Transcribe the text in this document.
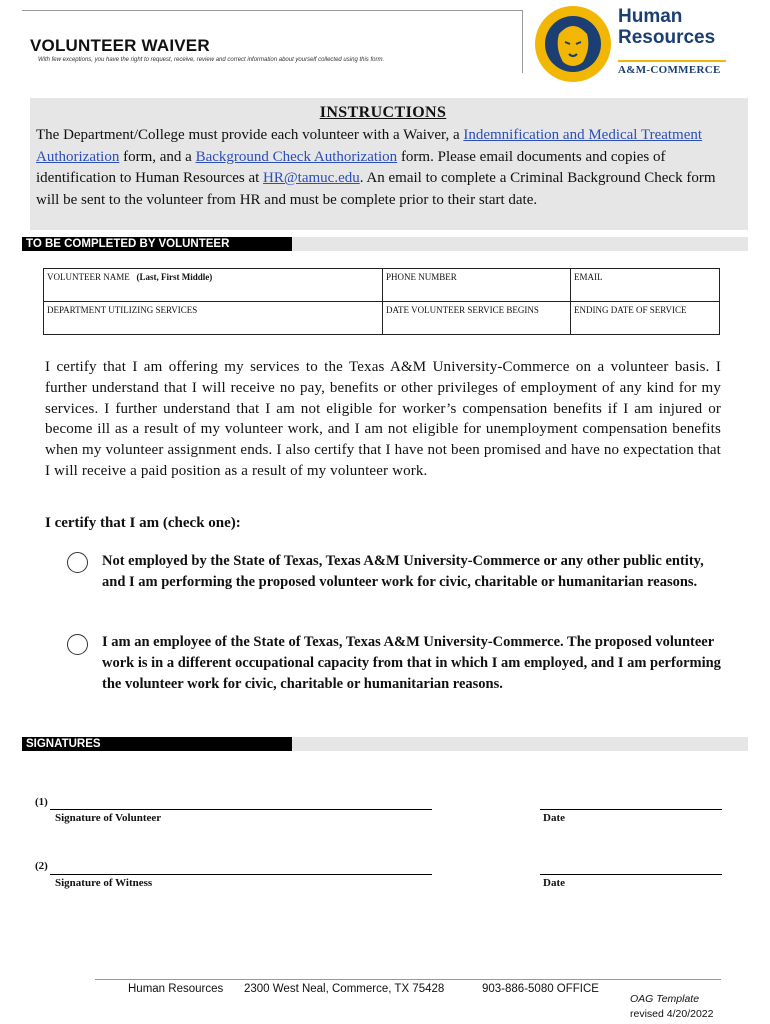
VOLUNTEER WAIVER
With few exceptions, you have the right to request, receive, review and correct information about yourself collected using this form.
Human
Resources
A&M-COMMERCE
INSTRUCTIONS
The Department/College must provide each volunteer with a Waiver, a Indemnification and Medical Treatment Authorization form, and a Background Check Authorization form. Please email documents and copies of identification to Human Resources at HR@tamuc.edu. An email to complete a Criminal Background Check form will be sent to the volunteer from HR and must be complete prior to their start date.
TO BE COMPLETED BY VOLUNTEER
VOLUNTEER NAME (Last, First Middle)	PHONE NUMBER	EMAIL
DEPARTMENT UTILIZING SERVICES	DATE VOLUNTEER SERVICE BEGINS	ENDING DATE OF SERVICE
I certify that I am offering my services to the Texas A&M University-Commerce on a volunteer basis. I further understand that I will receive no pay, benefits or other privileges of employment of any kind for my services. I further understand that I am not eligible for worker’s compensation benefits if I am injured or become ill as a result of my volunteer work, and I am not eligible for unemployment compensation benefits when my volunteer assignment ends. I also certify that I have not been promised and have no expectation that I will receive a paid position as a result of my volunteer work.
I certify that I am (check one):
Not employed by the State of Texas, Texas A&M University-Commerce or any other public entity, and I am performing the proposed volunteer work for civic, charitable or humanitarian reasons.
I am an employee of the State of Texas, Texas A&M University-Commerce. The proposed volunteer work is in a different occupational capacity from that in which I am employed, and I am performing the volunteer work for civic, charitable or humanitarian reasons.
SIGNATURES
(1)
Signature of Volunteer	Date
(2)
Signature of Witness	Date
Human Resources 2300 West Neal, Commerce, TX 75428	903-886-5080 OFFICE
OAG Template
revised 4/20/2022
